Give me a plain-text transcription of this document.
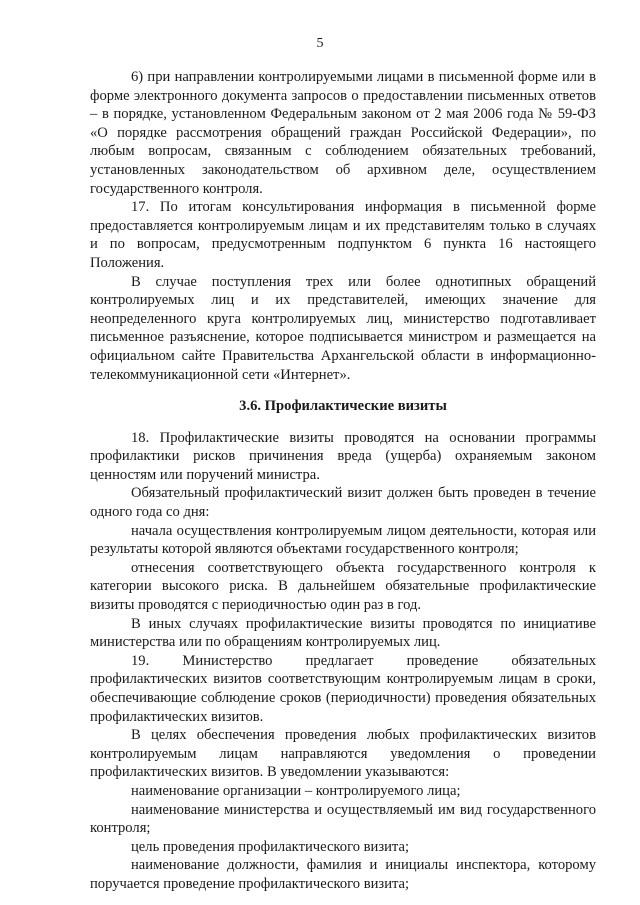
5

6) при направлении контролируемыми лицами в письменной форме или в форме электронного документа запросов о предоставлении письменных ответов – в порядке, установленном Федеральным законом от 2 мая 2006 года № 59-ФЗ «О порядке рассмотрения обращений граждан Российской Федерации», по любым вопросам, связанным с соблюдением обязательных требований, установленных законодательством об архивном деле, осуществлением государственного контроля.

17. По итогам консультирования информация в письменной форме предоставляется контролируемым лицам и их представителям только в случаях и по вопросам, предусмотренным подпунктом 6 пункта 16 настоящего Положения.

В случае поступления трех или более однотипных обращений контролируемых лиц и их представителей, имеющих значение для неопределенного круга контролируемых лиц, министерство подготавливает письменное разъяснение, которое подписывается министром и размещается на официальном сайте Правительства Архангельской области в информационно-телекоммуникационной сети «Интернет».

3.6. Профилактические визиты

18. Профилактические визиты проводятся на основании программы профилактики рисков причинения вреда (ущерба) охраняемым законом ценностям или поручений министра.

Обязательный профилактический визит должен быть проведен в течение одного года со дня:

начала осуществления контролируемым лицом деятельности, которая или результаты которой являются объектами государственного контроля;

отнесения соответствующего объекта государственного контроля к категории высокого риска. В дальнейшем обязательные профилактические визиты проводятся с периодичностью один раз в год.

В иных случаях профилактические визиты проводятся по инициативе министерства или по обращениям контролируемых лиц.

19. Министерство предлагает проведение обязательных профилактических визитов соответствующим контролируемым лицам в сроки, обеспечивающие соблюдение сроков (периодичности) проведения обязательных профилактических визитов.

В целях обеспечения проведения любых профилактических визитов контролируемым лицам направляются уведомления о проведении профилактических визитов. В уведомлении указываются:

наименование организации – контролируемого лица;

наименование министерства и осуществляемый им вид государственного контроля;

цель проведения профилактического визита;

наименование должности, фамилия и инициалы инспектора, которому поручается проведение профилактического визита;
